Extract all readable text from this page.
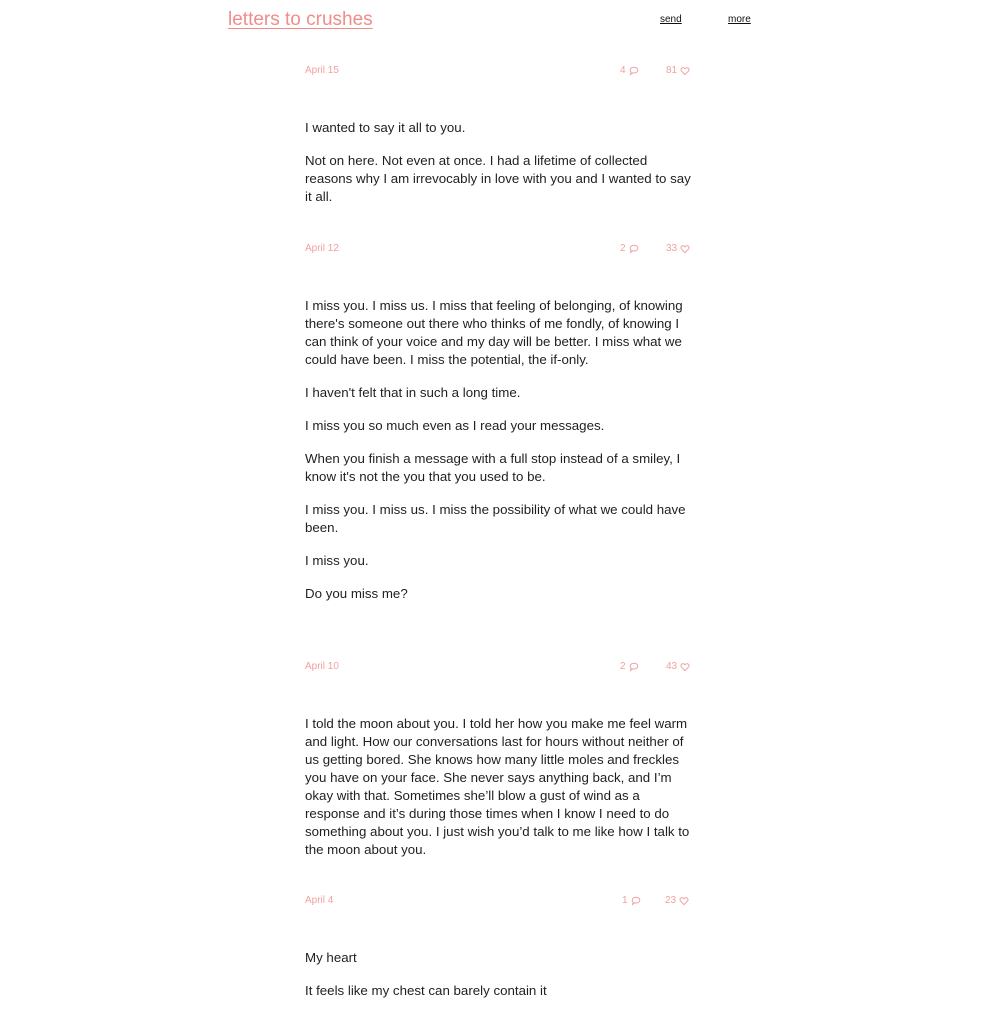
letters to crushes	send	more
April 15	4	81

I wanted to say it all to you.

Not on here. Not even at once. I had a lifetime of collected reasons why I am irrevocably in love with you and I wanted to say it all.

April 12	2	33

I miss you. I miss us. I miss that feeling of belonging, of knowing there's someone out there who thinks of me fondly, of knowing I can think of your voice and my day will be better. I miss what we could have been. I miss the potential, the if-only.

I haven't felt that in such a long time.

I miss you so much even as I read your messages.

When you finish a message with a full stop instead of a smiley, I know it's not the you that you used to be.

I miss you. I miss us. I miss the possibility of what we could have been.

I miss you.

Do you miss me?

April 10	2	43

I told the moon about you. I told her how you make me feel warm and light. How our conversations last for hours without neither of us getting bored. She knows how many little moles and freckles you have on your face. She never says anything back, and I’m okay with that. Sometimes she’ll blow a gust of wind as a response and it’s during those times when I know I need to do something about you. I just wish you’d talk to me like how I talk to the moon about you.

April 4	1	23

My heart

It feels like my chest can barely contain it
